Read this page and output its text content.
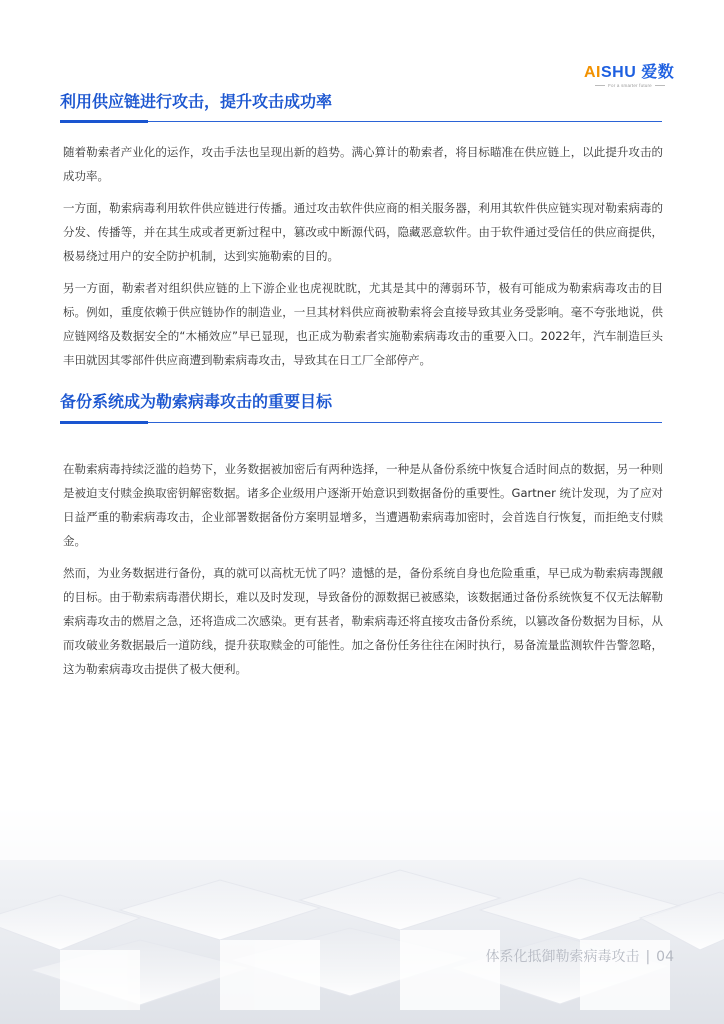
AISHU 爱数
For a smarter future
利用供应链进行攻击，提升攻击成功率

随着勒索者产业化的运作，攻击手法也呈现出新的趋势。满心算计的勒索者，将目标瞄准在供应链上，以此提升攻击的成功率。

一方面，勒索病毒利用软件供应链进行传播。通过攻击软件供应商的相关服务器，利用其软件供应链实现对勒索病毒的分发、传播等，并在其生成或者更新过程中，篡改或中断源代码，隐藏恶意软件。由于软件通过受信任的供应商提供，极易绕过用户的安全防护机制，达到实施勒索的目的。

另一方面，勒索者对组织供应链的上下游企业也虎视眈眈，尤其是其中的薄弱环节，极有可能成为勒索病毒攻击的目标。例如，重度依赖于供应链协作的制造业，一旦其材料供应商被勒索将会直接导致其业务受影响。毫不夸张地说，供应链网络及数据安全的“木桶效应”早已显现，也正成为勒索者实施勒索病毒攻击的重要入口。2022年，汽车制造巨头丰田就因其零部件供应商遭到勒索病毒攻击，导致其在日工厂全部停产。

备份系统成为勒索病毒攻击的重要目标

在勒索病毒持续泛滥的趋势下，业务数据被加密后有两种选择，一种是从备份系统中恢复合适时间点的数据，另一种则是被迫支付赎金换取密钥解密数据。诸多企业级用户逐渐开始意识到数据备份的重要性。Gartner 统计发现，为了应对日益严重的勒索病毒攻击，企业部署数据备份方案明显增多，当遭遇勒索病毒加密时，会首选自行恢复，而拒绝支付赎金。

然而，为业务数据进行备份，真的就可以高枕无忧了吗？遗憾的是，备份系统自身也危险重重，早已成为勒索病毒觊觎的目标。由于勒索病毒潜伏期长，难以及时发现，导致备份的源数据已被感染，该数据通过备份系统恢复不仅无法解勒索病毒攻击的燃眉之急，还将造成二次感染。更有甚者，勒索病毒还将直接攻击备份系统，以篡改备份数据为目标，从而攻破业务数据最后一道防线，提升获取赎金的可能性。加之备份任务往往在闲时执行，易备流量监测软件告警忽略，这为勒索病毒攻击提供了极大便利。

体系化抵御勒索病毒攻击 | 04
